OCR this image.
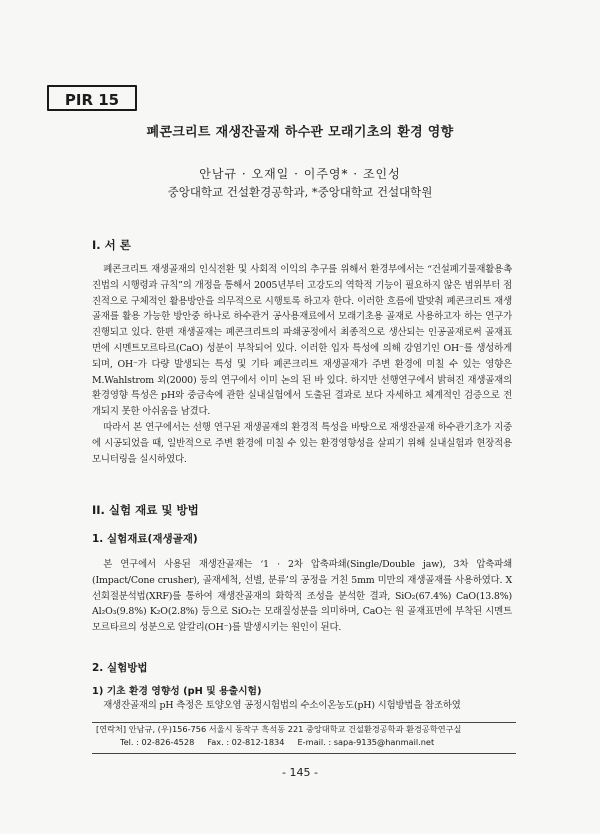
PIR 15
폐콘크리트 재생잔골재 하수관 모래기초의 환경 영향
안남규 · 오재일 · 이주영* · 조인성
중앙대학교 건설환경공학과, *중앙대학교 건설대학원
I. 서 론

폐콘크리트 재생골재의 인식전환 및 사회적 이익의 추구를 위해서 환경부에서는 “건설폐기물재활용촉진법의 시행령과 규칙”의 개정을 통해서 2005년부터 고강도의 역학적 기능이 필요하지 않은 범위부터 점진적으로 구체적인 활용방안을 의무적으로 시행토록 하고자 한다. 이러한 흐름에 발맞춰 폐콘크리트 재생골재를 활용 가능한 방안중 하나로 하수관거 공사용재료에서 모래기초용 골재로 사용하고자 하는 연구가 진행되고 있다. 한편 재생골재는 폐콘크리트의 파쇄공정에서 최종적으로 생산되는 인공골재로써 골재표면에 시멘트모르타르(CaO) 성분이 부착되어 있다. 이러한 입자 특성에 의해 강염기인 OH⁻를 생성하게 되며, OH⁻가 다량 발생되는 특성 및 기타 폐콘크리트 재생골재가 주변 환경에 미칠 수 있는 영향은 M.Wahlstrom 외(2000) 등의 연구에서 이미 논의 된 바 있다. 하지만 선행연구에서 밝혀진 재생골재의 환경영향 특성은 pH와 중금속에 관한 실내실험에서 도출된 결과로 보다 자세하고 체계적인 검증으로 전개되지 못한 아쉬움을 남겼다.

따라서 본 연구에서는 선행 연구된 재생골재의 환경적 특성을 바탕으로 재생잔골재 하수관기초가 지중에 시공되었을 때, 일반적으로 주변 환경에 미칠 수 있는 환경영향성을 살피기 위해 실내실험과 현장적용 모니터링을 실시하였다.

II. 실험 재료 및 방법
1. 실험재료(재생골재)

본 연구에서 사용된 재생잔골재는 ‘1 · 2차 압축파쇄(Single/Double jaw), 3차 압축파쇄(Impact/Cone crusher), 골재세척, 선별, 분류’의 공정을 거친 5mm 미만의 재생골재를 사용하였다. X선회절분석법(XRF)를 통하여 재생잔골재의 화학적 조성을 분석한 결과, SiO₂(67.4%) CaO(13.8%) Al₂O₃(9.8%) K₂O(2.8%) 등으로 SiO₂는 모래질성분을 의미하며, CaO는 원 골재표면에 부착된 시멘트모르타르의 성분으로 알칼리(OH⁻)를 발생시키는 원인이 된다.

2. 실험방법
1) 기초 환경 영향성 (pH 및 용출시험)

재생잔골재의 pH 측정은 토양오염 공정시험법의 수소이온농도(pH) 시험방법을 참조하였

[연락처] 안남규, (우)156-756 서울시 동작구 흑석동 221 중앙대학교 건설환경공학과 환경공학연구실
Tel. : 02-826-4528     Fax. : 02-812-1834     E-mail. : sapa-9135@hanmail.net
- 145 -
